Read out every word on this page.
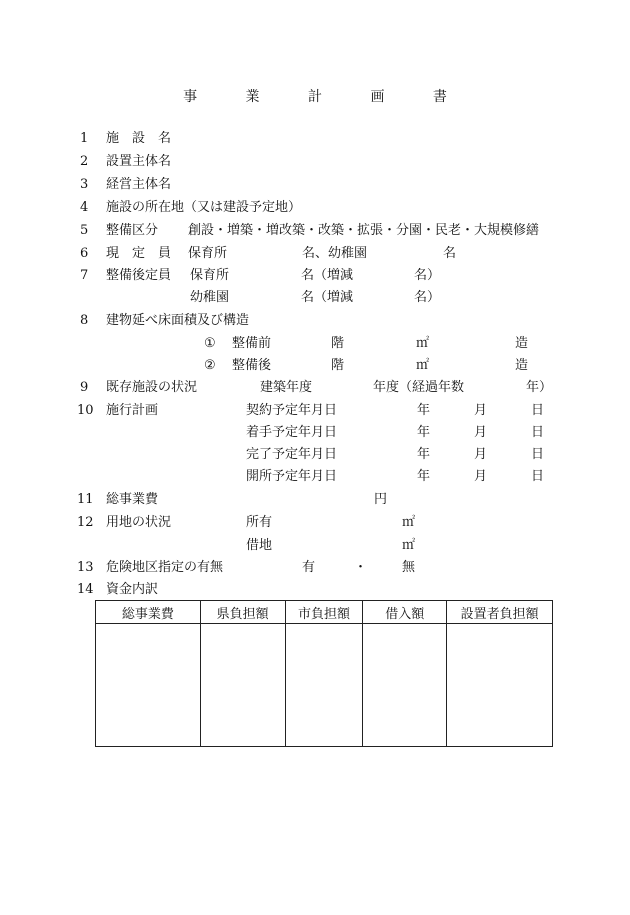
事	業	計	画	書
1 施　設　名
2 設置主体名
3 経営主体名
4 施設の所在地（又は建設予定地）
5 整備区分 創設・増築・増改築・改築・拡張・分園・民老・大規模修繕
6 現　定　員 保育所	名、幼稚園	名
7 整備後定員 保育所	名（増減	名）
幼稚園	名（増減	名）
8 建物延べ床面積及び構造
① 整備前	階	㎡	造
② 整備後	階	㎡	造
9 既存施設の状況	建築年度	年度（経過年数	年）
10 施行計画	契約予定年月日	年	月	日
着手予定年月日	年	月	日
完了予定年月日	年	月	日
開所予定年月日	年	月	日
11 総事業費	円
12 用地の状況	所有	㎡
借地	㎡
13 危険地区指定の有無	有	・	無
14 資金内訳
総事業費	県負担額	市負担額	借入額	設置者負担額
